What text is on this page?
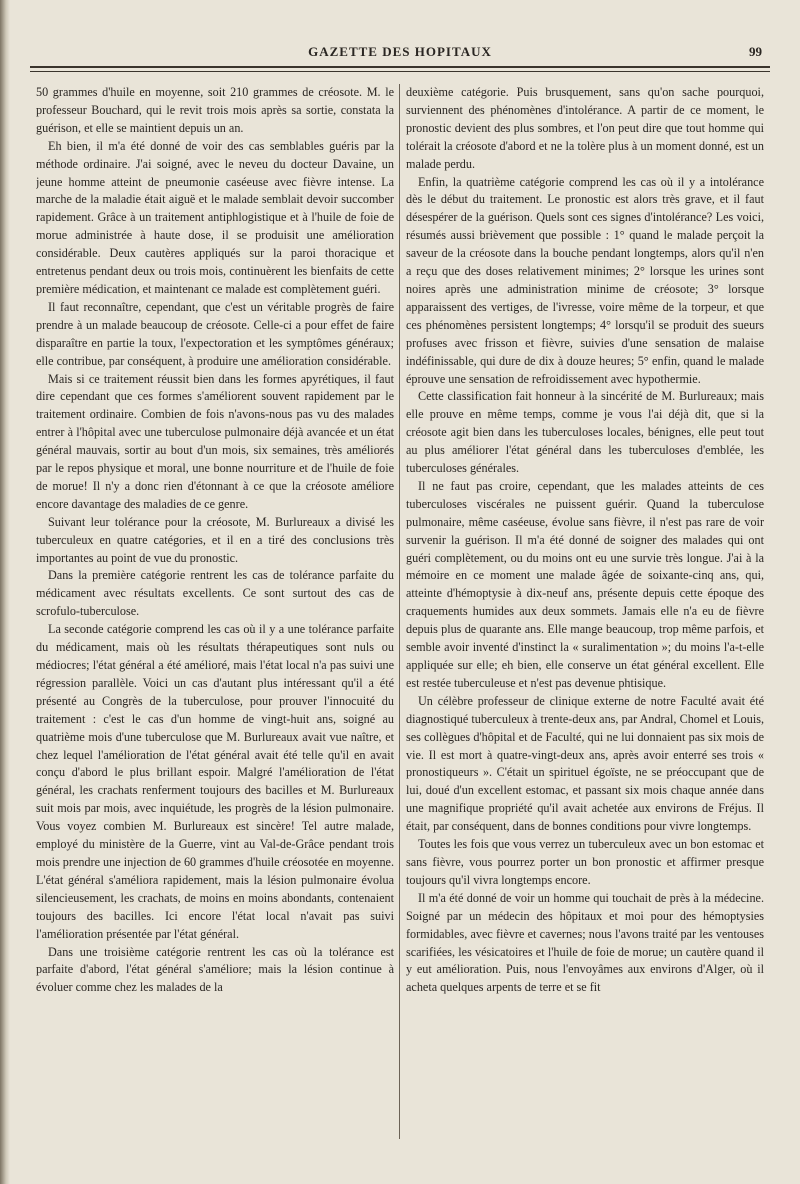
GAZETTE DES HOPITAUX	99

50 grammes d'huile en moyenne, soit 210 grammes de créosote. M. le professeur Bouchard, qui le revit trois mois après sa sortie, constata la guérison, et elle se maintient depuis un an.

Eh bien, il m'a été donné de voir des cas semblables guéris par la méthode ordinaire. J'ai soigné, avec le neveu du docteur Davaine, un jeune homme atteint de pneumonie caséeuse avec fièvre intense. La marche de la maladie était aiguë et le malade semblait devoir succomber rapidement. Grâce à un traitement antiphlogistique et à l'huile de foie de morue administrée à haute dose, il se produisit une amélioration considérable. Deux cautères appliqués sur la paroi thoracique et entretenus pendant deux ou trois mois, continuèrent les bienfaits de cette première médication, et maintenant ce malade est complètement guéri.

Il faut reconnaître, cependant, que c'est un véritable progrès de faire prendre à un malade beaucoup de créosote. Celle-ci a pour effet de faire disparaître en partie la toux, l'expectoration et les symptômes généraux; elle contribue, par conséquent, à produire une amélioration considérable.

Mais si ce traitement réussit bien dans les formes apyrétiques, il faut dire cependant que ces formes s'améliorent souvent rapidement par le traitement ordinaire. Combien de fois n'avons-nous pas vu des malades entrer à l'hôpital avec une tuberculose pulmonaire déjà avancée et un état général mauvais, sortir au bout d'un mois, six semaines, très améliorés par le repos physique et moral, une bonne nourriture et de l'huile de foie de morue! Il n'y a donc rien d'étonnant à ce que la créosote améliore encore davantage des maladies de ce genre.

Suivant leur tolérance pour la créosote, M. Burlureaux a divisé les tuberculeux en quatre catégories, et il en a tiré des conclusions très importantes au point de vue du pronostic.

Dans la première catégorie rentrent les cas de tolérance parfaite du médicament avec résultats excellents. Ce sont surtout des cas de scrofulo-tuberculose.

La seconde catégorie comprend les cas où il y a une tolérance parfaite du médicament, mais où les résultats thérapeutiques sont nuls ou médiocres; l'état général a été amélioré, mais l'état local n'a pas suivi une régression parallèle. Voici un cas d'autant plus intéressant qu'il a été présenté au Congrès de la tuberculose, pour prouver l'innocuité du traitement : c'est le cas d'un homme de vingt-huit ans, soigné au quatrième mois d'une tuberculose que M. Burlureaux avait vue naître, et chez lequel l'amélioration de l'état général avait été telle qu'il en avait conçu d'abord le plus brillant espoir. Malgré l'amélioration de l'état général, les crachats renferment toujours des bacilles et M. Burlureaux suit mois par mois, avec inquiétude, les progrès de la lésion pulmonaire. Vous voyez combien M. Burlureaux est sincère! Tel autre malade, employé du ministère de la Guerre, vint au Val-de-Grâce pendant trois mois prendre une injection de 60 grammes d'huile créosotée en moyenne. L'état général s'améliora rapidement, mais la lésion pulmonaire évolua silencieusement, les crachats, de moins en moins abondants, contenaient toujours des bacilles. Ici encore l'état local n'avait pas suivi l'amélioration présentée par l'état général.

Dans une troisième catégorie rentrent les cas où la tolérance est parfaite d'abord, l'état général s'améliore; mais la lésion continue à évoluer comme chez les malades de la

deuxième catégorie. Puis brusquement, sans qu'on sache pourquoi, surviennent des phénomènes d'intolérance. A partir de ce moment, le pronostic devient des plus sombres, et l'on peut dire que tout homme qui tolérait la créosote d'abord et ne la tolère plus à un moment donné, est un malade perdu.

Enfin, la quatrième catégorie comprend les cas où il y a intolérance dès le début du traitement. Le pronostic est alors très grave, et il faut désespérer de la guérison. Quels sont ces signes d'intolérance? Les voici, résumés aussi brièvement que possible : 1° quand le malade perçoit la saveur de la créosote dans la bouche pendant longtemps, alors qu'il n'en a reçu que des doses relativement minimes; 2° lorsque les urines sont noires après une administration minime de créosote; 3° lorsque apparaissent des vertiges, de l'ivresse, voire même de la torpeur, et que ces phénomènes persistent longtemps; 4° lorsqu'il se produit des sueurs profuses avec frisson et fièvre, suivies d'une sensation de malaise indéfinissable, qui dure de dix à douze heures; 5° enfin, quand le malade éprouve une sensation de refroidissement avec hypothermie.

Cette classification fait honneur à la sincérité de M. Burlureaux; mais elle prouve en même temps, comme je vous l'ai déjà dit, que si la créosote agit bien dans les tuberculoses locales, bénignes, elle peut tout au plus améliorer l'état général dans les tuberculoses d'emblée, les tuberculoses générales.

Il ne faut pas croire, cependant, que les malades atteints de ces tuberculoses viscérales ne puissent guérir. Quand la tuberculose pulmonaire, même caséeuse, évolue sans fièvre, il n'est pas rare de voir survenir la guérison. Il m'a été donné de soigner des malades qui ont guéri complètement, ou du moins ont eu une survie très longue. J'ai à la mémoire en ce moment une malade âgée de soixante-cinq ans, qui, atteinte d'hémoptysie à dix-neuf ans, présente depuis cette époque des craquements humides aux deux sommets. Jamais elle n'a eu de fièvre depuis plus de quarante ans. Elle mange beaucoup, trop même parfois, et semble avoir inventé d'instinct la « suralimentation »; du moins l'a-t-elle appliquée sur elle; eh bien, elle conserve un état général excellent. Elle est restée tuberculeuse et n'est pas devenue phtisique.

Un célèbre professeur de clinique externe de notre Faculté avait été diagnostiqué tuberculeux à trente-deux ans, par Andral, Chomel et Louis, ses collègues d'hôpital et de Faculté, qui ne lui donnaient pas six mois de vie. Il est mort à quatre-vingt-deux ans, après avoir enterré ses trois « pronostiqueurs ». C'était un spirituel égoïste, ne se préoccupant que de lui, doué d'un excellent estomac, et passant six mois chaque année dans une magnifique propriété qu'il avait achetée aux environs de Fréjus. Il était, par conséquent, dans de bonnes conditions pour vivre longtemps.

Toutes les fois que vous verrez un tuberculeux avec un bon estomac et sans fièvre, vous pourrez porter un bon pronostic et affirmer presque toujours qu'il vivra longtemps encore.

Il m'a été donné de voir un homme qui touchait de près à la médecine. Soigné par un médecin des hôpitaux et moi pour des hémoptysies formidables, avec fièvre et cavernes; nous l'avons traité par les ventouses scarifiées, les vésicatoires et l'huile de foie de morue; un cautère quand il y eut amélioration. Puis, nous l'envoyâmes aux environs d'Alger, où il acheta quelques arpents de terre et se fit
